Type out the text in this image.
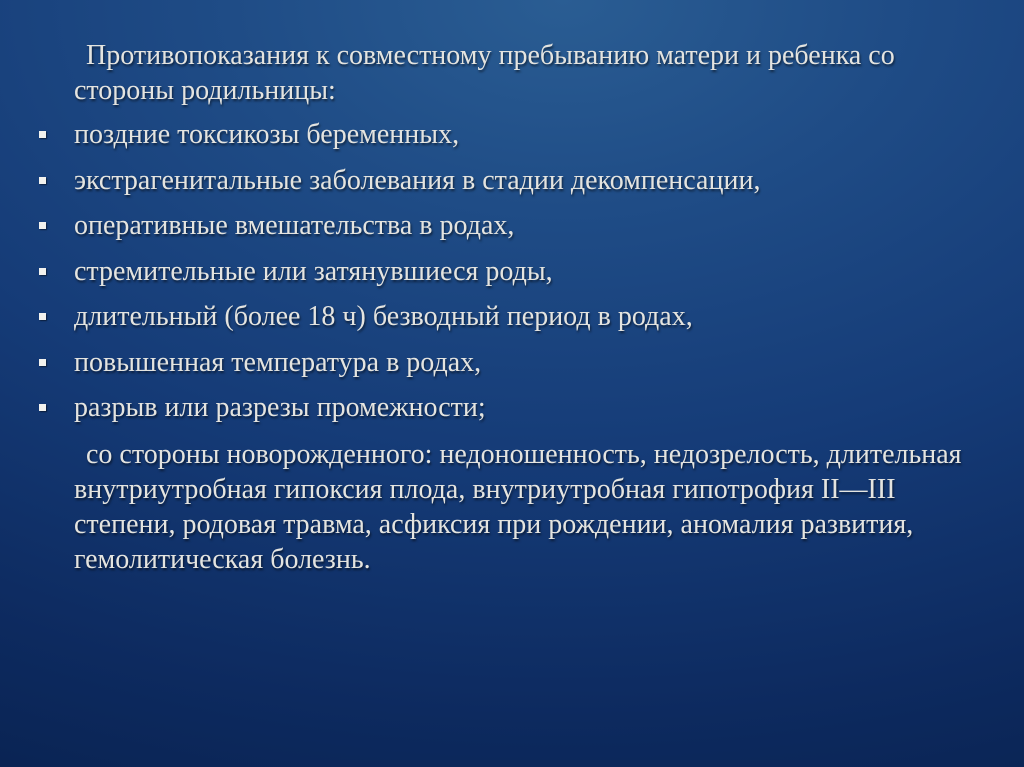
Противопоказания к совместному пребыванию матери и ребенка со стороны родильницы:

поздние токсикозы беременных,
экстрагенитальные заболевания в стадии декомпенсации,
оперативные вмешательства в родах,
стремительные или затянувшиеся роды,
длительный (более 18 ч) безводный период в родах,
повышенная температура в родах,
разрыв или разрезы промежности;

со стороны новорожденного: недоношенность, недозрелость, длительная внутриутробная гипоксия плода, внутриутробная гипотрофия II—III степени, родовая травма, асфиксия при рождении, аномалия развития, гемолитическая болезнь.
